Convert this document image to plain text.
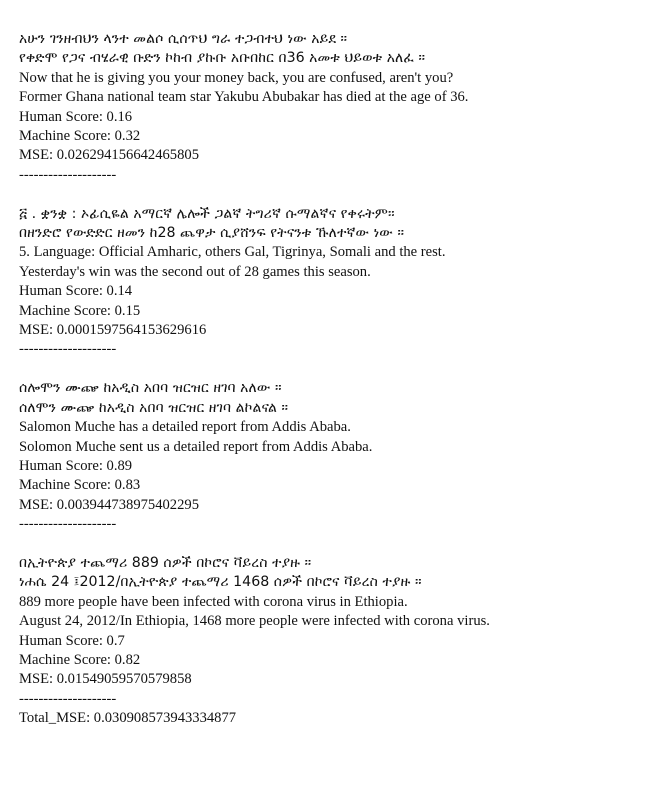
አሁን ገንዘብህን ላንተ መልሶ ሲሰጥህ ግራ ተጋብተህ ነው አይደ ።
የቀድሞ የጋና ብሄራዊ ቡድን ኮከብ ያኩቡ አቡበከር በ36 አመቱ ህይወቱ አለፈ ።
Now that he is giving you your money back, you are confused, aren't you?
Former Ghana national team star Yakubu Abubakar has died at the age of 36.
Human Score: 0.16
Machine Score: 0.32
MSE: 0.026294156642465805
--------------------
፭ . ቋንቋ : ኦፊሲዬል አማርኛ ሌሎች ጋልኛ ትግሪኛ ሱማልኛና የቀሩትም፡፡
በዘንድሮ የውድድር ዘመን ከ28 ጨዋታ ሲያሸንፍ የትናንቱ ኹለተኛው ነው ።
5. Language: Official Amharic, others Gal, Tigrinya, Somali and the rest.
Yesterday's win was the second out of 28 games this season.
Human Score: 0.14
Machine Score: 0.15
MSE: 0.0001597564153629616
--------------------
ሰሎሞን ሙጬ ከአዲስ አበባ ዝርዝር ዘገባ አለው ።
ሰለሞን ሙጬ ከአዲስ አበባ ዝርዝር ዘገባ ልኮልናል ።
Salomon Muche has a detailed report from Addis Ababa.
Solomon Muche sent us a detailed report from Addis Ababa.
Human Score: 0.89
Machine Score: 0.83
MSE: 0.003944738975402295
--------------------
በኢትዮጵያ ተጨማሪ 889 ሰዎች በኮሮና ቫይረስ ተያዙ ።
ነሐሴ 24 ፤2012/በኢትዮጵያ ተጨማሪ 1468 ሰዎች በኮሮና ቫይረስ ተያዙ ።
889 more people have been infected with corona virus in Ethiopia.
August 24, 2012/In Ethiopia, 1468 more people were infected with corona virus.
Human Score: 0.7
Machine Score: 0.82
MSE: 0.01549059570579858
--------------------
Total_MSE: 0.030908573943334877
